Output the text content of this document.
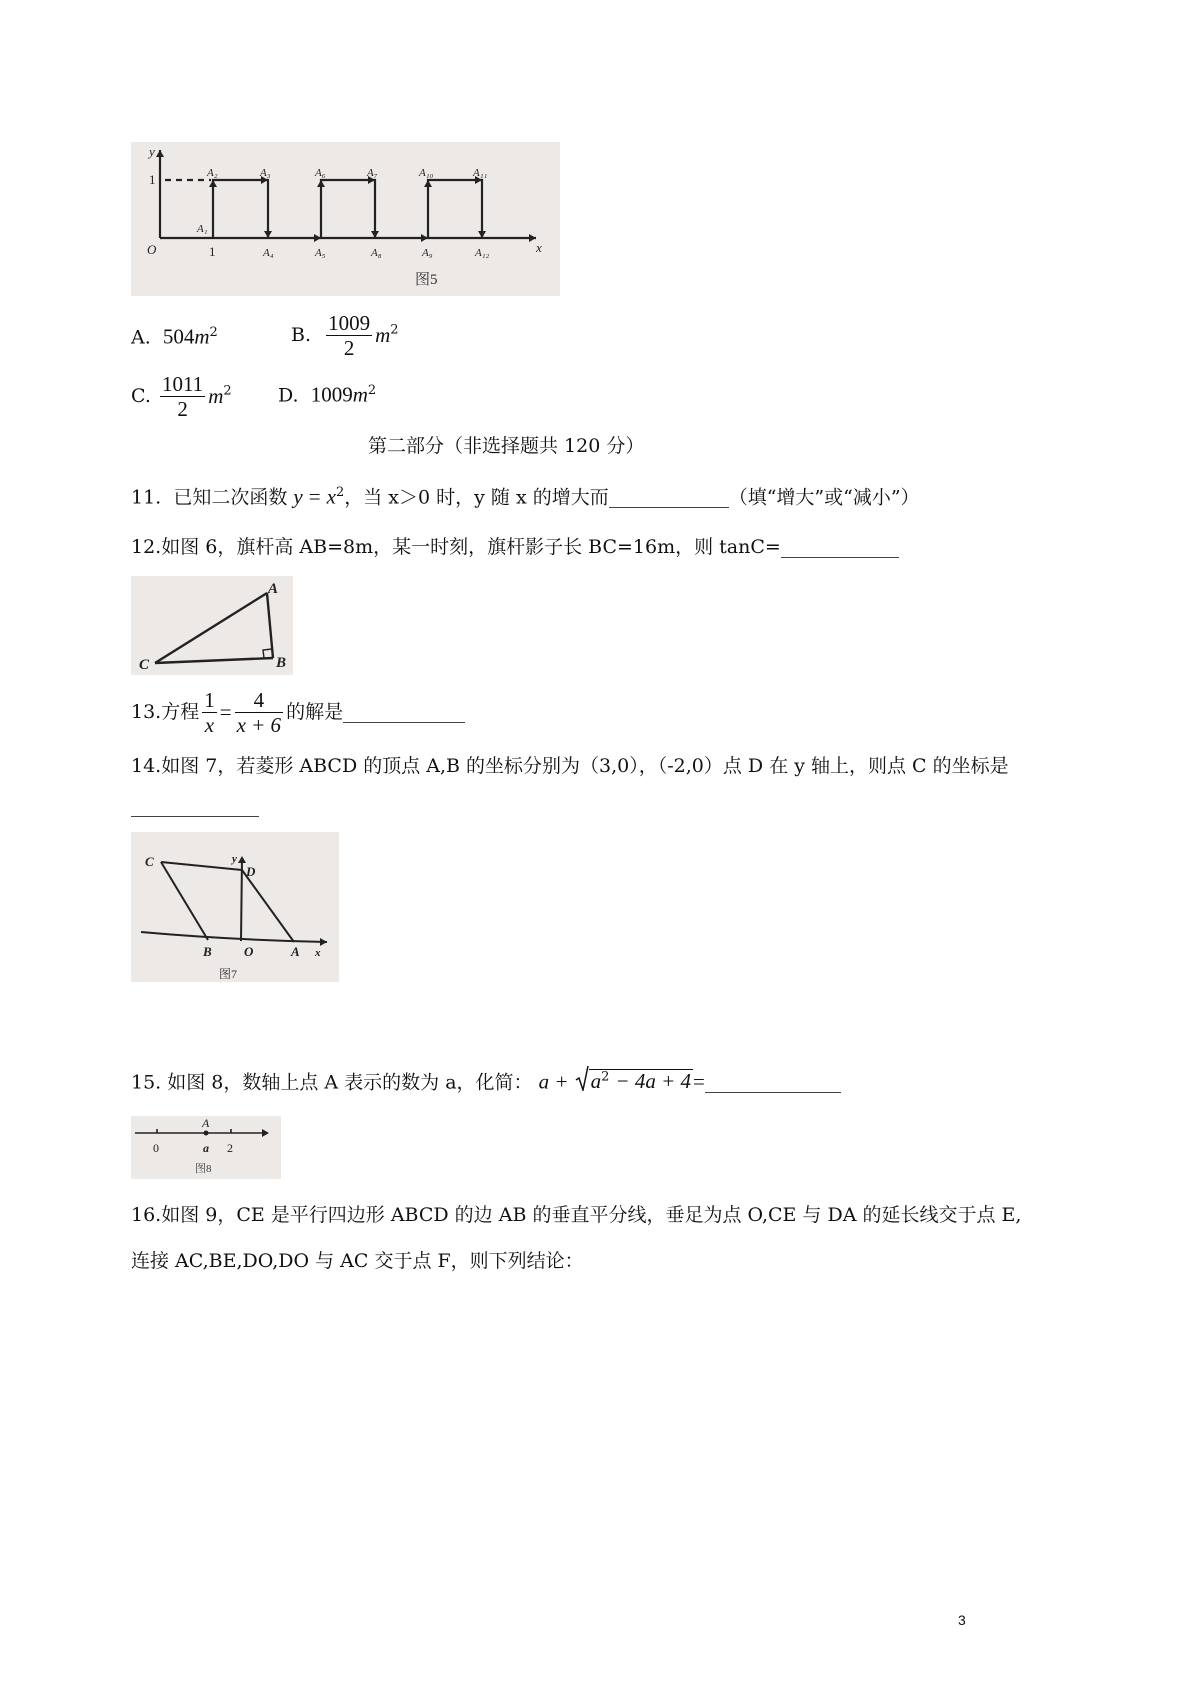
y
x
O
1
1
A₁
A₂	A₃
A₄	A₅
A₆	A₇
A₈	A₉
A₁₀	A₁₁
A₁₂
图5
A. $504m^2$	B. $\frac{1009}{2} m^2$
C. $\frac{1011}{2} m^2$ D. $1009m^2$
第二部分（非选择题共 120 分）
11. 已知二次函数 $y = x^2$，当 x＞0 时，y 随 x 的增大而	（填“增大”或“减小”）
12.如图 6，旗杆高 AB=8m，某一时刻，旗杆影子长 BC=16m，则 tanC=
A
B
C
13.方程 $\frac{1}{x} = \frac{4}{x + 6}$ 的解是
14.如图 7，若菱形 ABCD 的顶点 A,B 的坐标分别为（3,0），（-2,0）点 D 在 y 轴上，则点 C 的坐标是
C
D
y
B O	A x
图7
15. 如图 8，数轴上点 A 表示的数为 a，化简： $a + a^2 - 4a + 4=$
A
0	a 2
图8
16.如图 9，CE 是平行四边形 ABCD 的边 AB 的垂直平分线，垂足为点 O,CE 与 DA 的延长线交于点 E,
连接 AC,BE,DO,DO 与 AC 交于点 F，则下列结论：
3
